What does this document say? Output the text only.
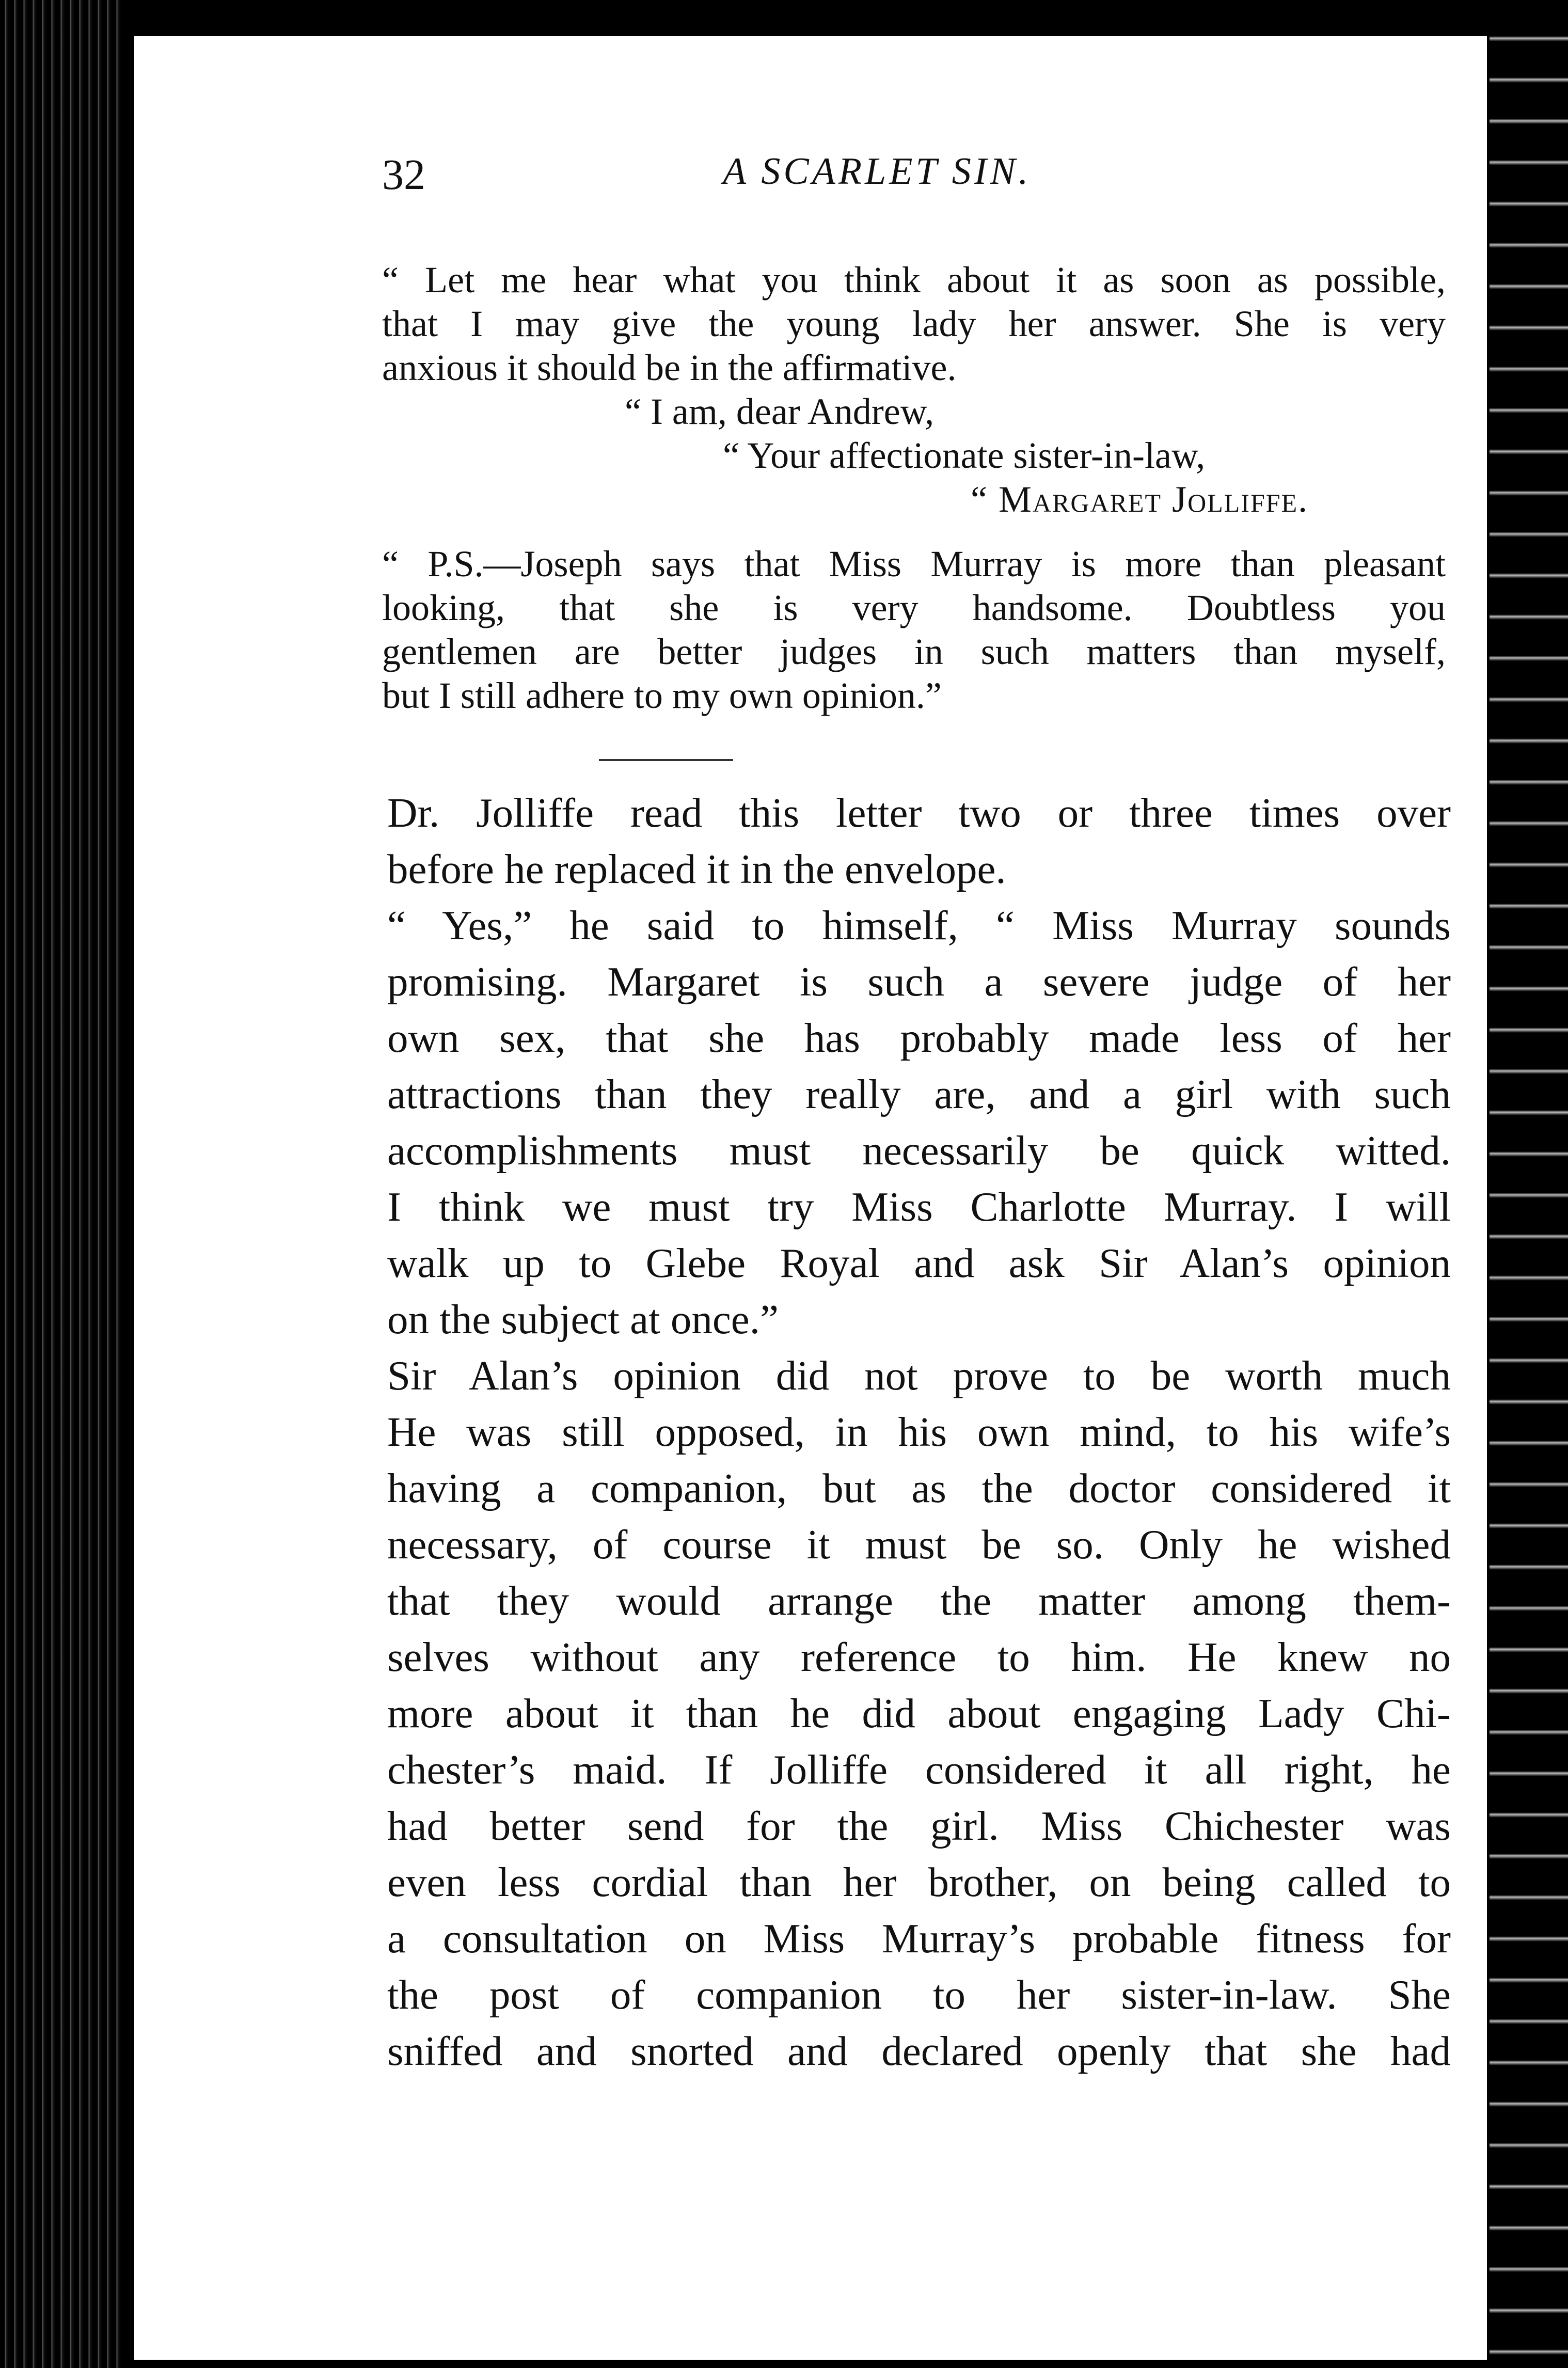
32	A SCARLET SIN.

“ Let me hear what you think about it as soon as possible,

that I may give the young lady her answer. She is very

anxious it should be in the affirmative.

“ I am, dear Andrew,
“ Your affectionate sister-in-law,
“ Margaret Jolliffe.

“ P.S.—Joseph says that Miss Murray is more than pleasant

looking, that she is very handsome. Doubtless you

gentlemen are better judges in such matters than myself,

but I still adhere to my own opinion.”

Dr. Jolliffe read this letter two or three times over
before he replaced it in the envelope.
“ Yes,” he said to himself, “ Miss Murray sounds
promising. Margaret is such a severe judge of her
own sex, that she has probably made less of her
attractions than they really are, and a girl with such
accomplishments must necessarily be quick witted.
I think we must try Miss Charlotte Murray. I will
walk up to Glebe Royal and ask Sir Alan’s opinion
on the subject at once.”
Sir Alan’s opinion did not prove to be worth much
He was still opposed, in his own mind, to his wife’s
having a companion, but as the doctor considered it
necessary, of course it must be so. Only he wished
that they would arrange the matter among them-
selves without any reference to him. He knew no
more about it than he did about engaging Lady Chi-
chester’s maid. If Jolliffe considered it all right, he
had better send for the girl. Miss Chichester was
even less cordial than her brother, on being called to
a consultation on Miss Murray’s probable fitness for
the post of companion to her sister-in-law. She
sniffed and snorted and declared openly that she had
